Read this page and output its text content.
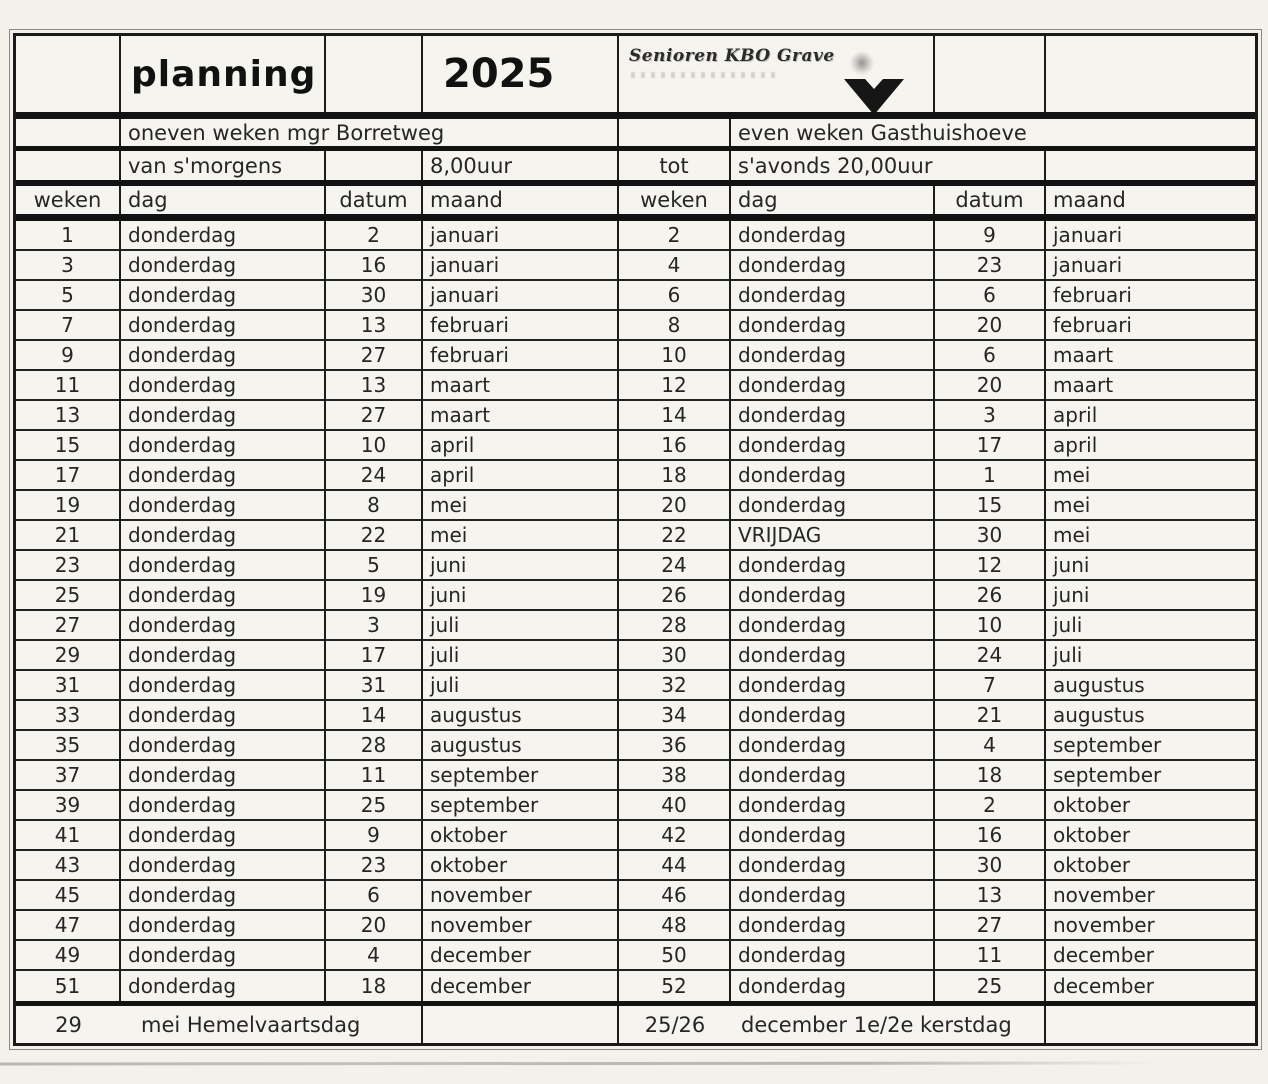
planning	2025	Senioren KBO Grave
oneven weken mgr Borretweg	even weken Gasthuishoeve
van s'morgens	8,00uur	tot	s'avonds 20,00uur
weken	dag	datum	maand	weken	dag	datum	maand
1	donderdag	2	januari	2	donderdag	9	januari
3	donderdag	16	januari	4	donderdag	23	januari
5	donderdag	30	januari	6	donderdag	6	februari
7	donderdag	13	februari	8	donderdag	20	februari
9	donderdag	27	februari	10	donderdag	6	maart
11	donderdag	13	maart	12	donderdag	20	maart
13	donderdag	27	maart	14	donderdag	3	april
15	donderdag	10	april	16	donderdag	17	april
17	donderdag	24	april	18	donderdag	1	mei
19	donderdag	8	mei	20	donderdag	15	mei
21	donderdag	22	mei	22	VRIJDAG	30	mei
23	donderdag	5	juni	24	donderdag	12	juni
25	donderdag	19	juni	26	donderdag	26	juni
27	donderdag	3	juli	28	donderdag	10	juli
29	donderdag	17	juli	30	donderdag	24	juli
31	donderdag	31	juli	32	donderdag	7	augustus
33	donderdag	14	augustus	34	donderdag	21	augustus
35	donderdag	28	augustus	36	donderdag	4	september
37	donderdag	11	september	38	donderdag	18	september
39	donderdag	25	september	40	donderdag	2	oktober
41	donderdag	9	oktober	42	donderdag	16	oktober
43	donderdag	23	oktober	44	donderdag	30	oktober
45	donderdag	6	november	46	donderdag	13	november
47	donderdag	20	november	48	donderdag	27	november
49	donderdag	4	december	50	donderdag	11	december
51	donderdag	18	december	52	donderdag	25	december
29	mei Hemelvaartsdag	25/26	december 1e/2e kerstdag
